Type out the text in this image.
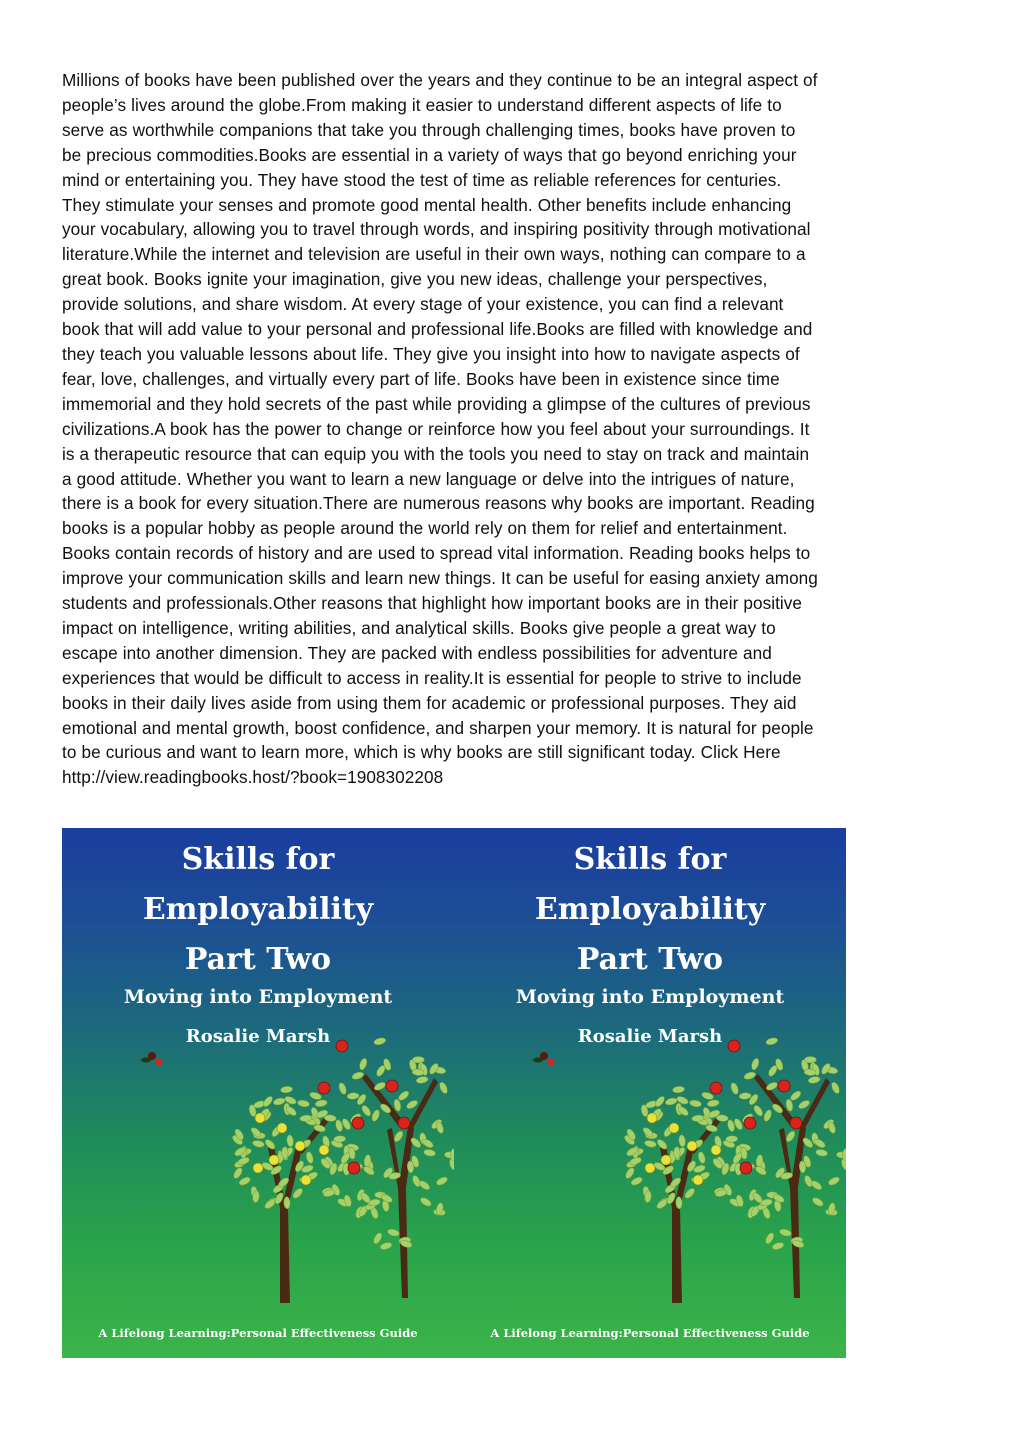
Millions of books have been published over the years and they continue to be an integral aspect of
people’s lives around the globe.From making it easier to understand different aspects of life to
serve as worthwhile companions that take you through challenging times, books have proven to
be precious commodities.Books are essential in a variety of ways that go beyond enriching your
mind or entertaining you. They have stood the test of time as reliable references for centuries.
They stimulate your senses and promote good mental health. Other benefits include enhancing
your vocabulary, allowing you to travel through words, and inspiring positivity through motivational
literature.While the internet and television are useful in their own ways, nothing can compare to a
great book. Books ignite your imagination, give you new ideas, challenge your perspectives,
provide solutions, and share wisdom. At every stage of your existence, you can find a relevant
book that will add value to your personal and professional life.Books are filled with knowledge and
they teach you valuable lessons about life. They give you insight into how to navigate aspects of
fear, love, challenges, and virtually every part of life. Books have been in existence since time
immemorial and they hold secrets of the past while providing a glimpse of the cultures of previous
civilizations.A book has the power to change or reinforce how you feel about your surroundings. It
is a therapeutic resource that can equip you with the tools you need to stay on track and maintain
a good attitude. Whether you want to learn a new language or delve into the intrigues of nature,
there is a book for every situation.There are numerous reasons why books are important. Reading
books is a popular hobby as people around the world rely on them for relief and entertainment.
Books contain records of history and are used to spread vital information. Reading books helps to
improve your communication skills and learn new things. It can be useful for easing anxiety among
students and professionals.Other reasons that highlight how important books are in their positive
impact on intelligence, writing abilities, and analytical skills. Books give people a great way to
escape into another dimension. They are packed with endless possibilities for adventure and
experiences that would be difficult to access in reality.It is essential for people to strive to include
books in their daily lives aside from using them for academic or professional purposes. They aid
emotional and mental growth, boost confidence, and sharpen your memory. It is natural for people
to be curious and want to learn more, which is why books are still significant today. Click Here
http://view.readingbooks.host/?book=1908302208
Skills for
Employability
Part Two
Moving into Employment
Rosalie Marsh
A Lifelong Learning:Personal Effectiveness Guide
Skills for
Employability
Part Two
Moving into Employment
Rosalie Marsh
A Lifelong Learning:Personal Effectiveness Guide
